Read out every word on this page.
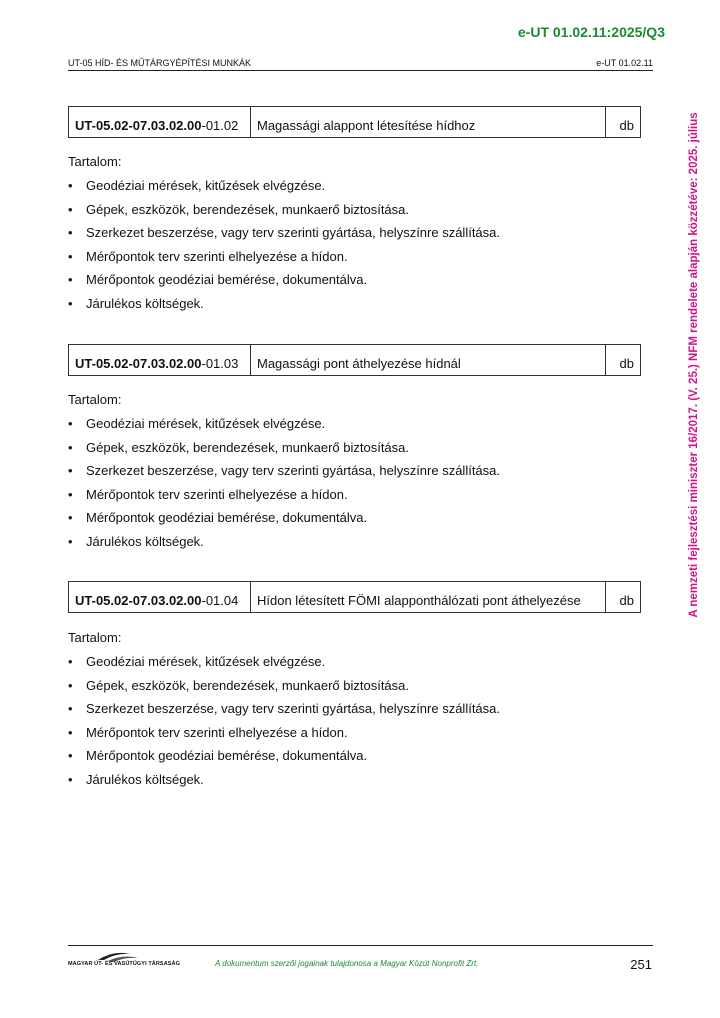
e-UT 01.02.11:2025/Q3
UT-05 HÍD- ÉS MŰTÁRGYÉPÍTÉSI MUNKÁK	e-UT 01.02.11
A nemzeti fejlesztési miniszter 16/2017. (V. 25.) NFM rendelete alapján közzétéve: 2025. július
UT-05.02-07.03.02.00 -01.02	Magassági alappont létesítése hídhoz	db
Tartalom:
•	Geodéziai mérések, kitűzések elvégzése.
•	Gépek, eszközök, berendezések, munkaerő biztosítása.
•	Szerkezet beszerzése, vagy terv szerinti gyártása, helyszínre szállítása.
•	Mérőpontok terv szerinti elhelyezése a hídon.
•	Mérőpontok geodéziai bemérése, dokumentálva.
•	Járulékos költségek.
UT-05.02-07.03.02.00 -01.03	Magassági pont áthelyezése hídnál	db
Tartalom:
•	Geodéziai mérések, kitűzések elvégzése.
•	Gépek, eszközök, berendezések, munkaerő biztosítása.
•	Szerkezet beszerzése, vagy terv szerinti gyártása, helyszínre szállítása.
•	Mérőpontok terv szerinti elhelyezése a hídon.
•	Mérőpontok geodéziai bemérése, dokumentálva.
•	Járulékos költségek.
UT-05.02-07.03.02.00 -01.04	Hídon létesített FÖMI alapponthálózati pont áthelyezése	db
Tartalom:
•	Geodéziai mérések, kitűzések elvégzése.
•	Gépek, eszközök, berendezések, munkaerő biztosítása.
•	Szerkezet beszerzése, vagy terv szerinti gyártása, helyszínre szállítása.
•	Mérőpontok terv szerinti elhelyezése a hídon.
•	Mérőpontok geodéziai bemérése, dokumentálva.
•	Járulékos költségek.
MAGYAR ÚT- ÉS VASÚTÜGYI TÁRSASÁG	A dokumentum szerzői jogainak tulajdonosa a Magyar Közút Nonprofit Zrt.	251
